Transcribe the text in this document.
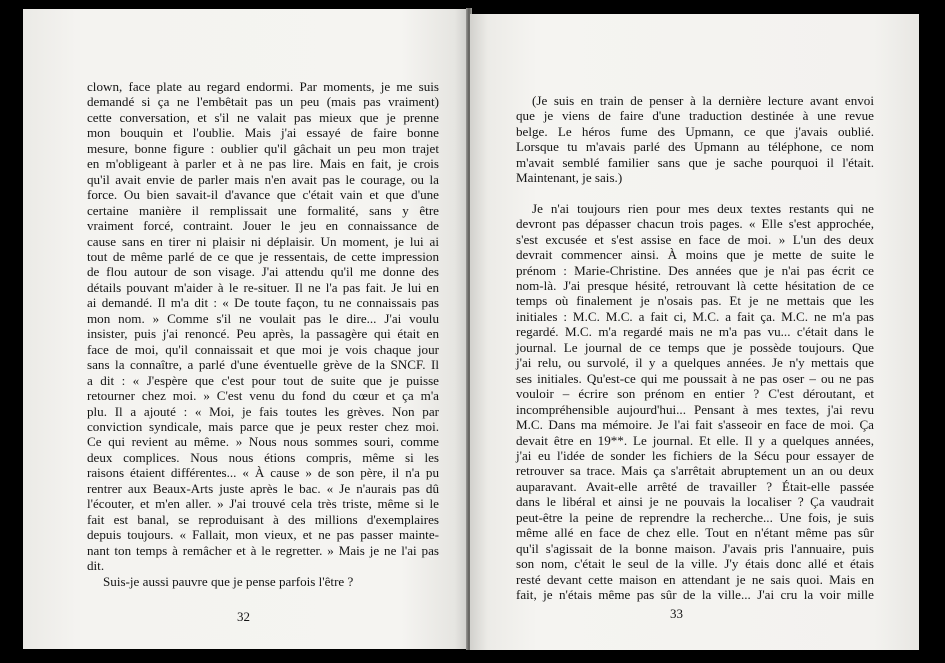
clown, face plate au regard endormi. Par moments, je me suis
demandé si ça ne l'embêtait pas un peu (mais pas vraiment)
cette conversation, et s'il ne valait pas mieux que je prenne
mon bouquin et l'oublie. Mais j'ai essayé de faire bonne
mesure, bonne figure : oublier qu'il gâchait un peu mon trajet
en m'obligeant à parler et à ne pas lire. Mais en fait, je crois
qu'il avait envie de parler mais n'en avait pas le courage, ou la
force. Ou bien savait-il d'avance que c'était vain et que d'une
certaine manière il remplissait une formalité, sans y être
vraiment forcé, contraint. Jouer le jeu en connaissance de
cause sans en tirer ni plaisir ni déplaisir. Un moment, je lui ai
tout de même parlé de ce que je ressentais, de cette impression
de flou autour de son visage. J'ai attendu qu'il me donne des
détails pouvant m'aider à le re-situer. Il ne l'a pas fait. Je lui en
ai demandé. Il m'a dit : « De toute façon, tu ne connaissais pas
mon nom. » Comme s'il ne voulait pas le dire... J'ai voulu
insister, puis j'ai renoncé. Peu après, la passagère qui était en
face de moi, qu'il connaissait et que moi je vois chaque jour
sans la connaître, a parlé d'une éventuelle grève de la SNCF. Il
a dit : « J'espère que c'est pour tout de suite que je puisse
retourner chez moi. » C'est venu du fond du cœur et ça m'a
plu. Il a ajouté : « Moi, je fais toutes les grèves. Non par
conviction syndicale, mais parce que je peux rester chez moi.
Ce qui revient au même. » Nous nous sommes souri, comme
deux complices. Nous nous étions compris, même si les
raisons étaient différentes... « À cause » de son père, il n'a pu
rentrer aux Beaux-Arts juste après le bac. « Je n'aurais pas dû
l'écouter, et m'en aller. » J'ai trouvé cela très triste, même si le
fait est banal, se reproduisant à des millions d'exemplaires
depuis toujours. « Fallait, mon vieux, et ne pas passer mainte-
nant ton temps à remâcher et à le regretter. » Mais je ne l'ai pas
dit.
Suis-je aussi pauvre que je pense parfois l'être ?
32
(Je suis en train de penser à la dernière lecture avant envoi
que je viens de faire d'une traduction destinée à une revue
belge. Le héros fume des Upmann, ce que j'avais oublié.
Lorsque tu m'avais parlé des Upmann au téléphone, ce nom
m'avait semblé familier sans que je sache pourquoi il l'était.
Maintenant, je sais.)
Je n'ai toujours rien pour mes deux textes restants qui ne
devront pas dépasser chacun trois pages. « Elle s'est approchée,
s'est excusée et s'est assise en face de moi. » L'un des deux
devrait commencer ainsi. À moins que je mette de suite le
prénom : Marie-Christine. Des années que je n'ai pas écrit ce
nom-là. J'ai presque hésité, retrouvant là cette hésitation de ce
temps où finalement je n'osais pas. Et je ne mettais que les
initiales : M.C. M.C. a fait ci, M.C. a fait ça. M.C. ne m'a pas
regardé. M.C. m'a regardé mais ne m'a pas vu... c'était dans le
journal. Le journal de ce temps que je possède toujours. Que
j'ai relu, ou survolé, il y a quelques années. Je n'y mettais que
ses initiales. Qu'est-ce qui me poussait à ne pas oser – ou ne pas
vouloir – écrire son prénom en entier ? C'est déroutant, et
incompréhensible aujourd'hui... Pensant à mes textes, j'ai revu
M.C. Dans ma mémoire. Je l'ai fait s'asseoir en face de moi. Ça
devait être en 19**. Le journal. Et elle. Il y a quelques années,
j'ai eu l'idée de sonder les fichiers de la Sécu pour essayer de
retrouver sa trace. Mais ça s'arrêtait abruptement un an ou deux
auparavant. Avait-elle arrêté de travailler ? Était-elle passée
dans le libéral et ainsi je ne pouvais la localiser ? Ça vaudrait
peut-être la peine de reprendre la recherche... Une fois, je suis
même allé en face de chez elle. Tout en n'étant même pas sûr
qu'il s'agissait de la bonne maison. J'avais pris l'annuaire, puis
son nom, c'était le seul de la ville. J'y étais donc allé et étais
resté devant cette maison en attendant je ne sais quoi. Mais en
fait, je n'étais même pas sûr de la ville... J'ai cru la voir mille
33
